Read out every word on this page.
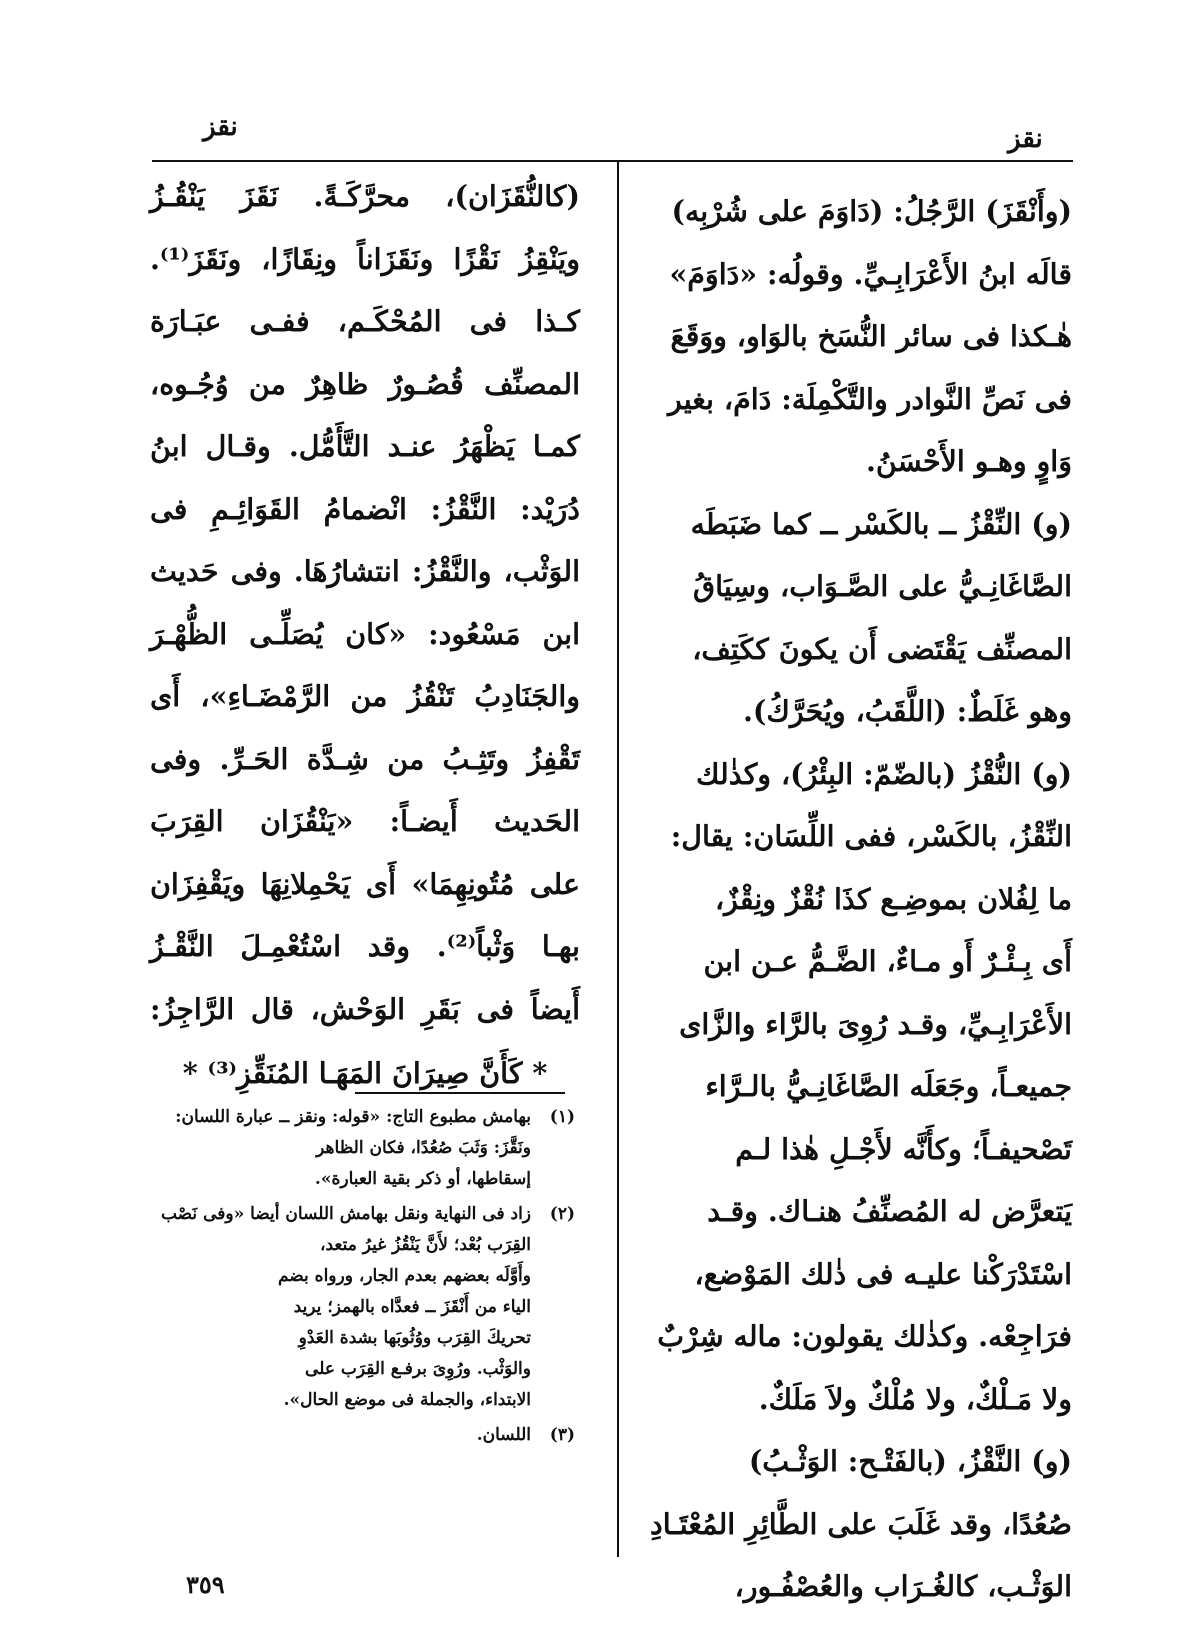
نقز	نقز

(وأَنْقَزَ) الرَّجُلُ: (دَاوَمَ على شُرْبِه)

قالَه ابنُ الأَعْرَابِـيِّ. وقولُه: «دَاوَمَ»

هٰـكذا فى سائر النُّسَخ بالوَاو، ووَقَعَ

فى نَصِّ النَّوادر والتَّكْمِلَة: دَامَ، بغير

وَاوٍ وهـو الأَحْسَنُ.

(و) النِّقْزُ ــ بالكَسْر ــ كما ضَبَطَه

الصَّاغَانِـيُّ على الصَّـوَاب، وسِيَاقُ

المصنِّف يَقْتَضى أَن يكونَ ككَتِف،

وهو غَلَطٌ: (اللَّقَبُ، ويُحَرَّكُ).

(و) النُّقْزُ (بالضّمّ: البِئْرُ)، وكذٰلك

النِّقْزُ، بالكَسْر، ففى اللِّسَان: يقال:

ما لِفُلان بموضِـع كذَا نُقْزٌ ونِقْزٌ،

أَى بِـئْـرٌ أَو مـاءٌ، الضَّـمُّ عـن ابن

الأَعْرَابِـيِّ، وقـد رُوِىَ بالرَّاء والزَّاى

جميعـاً، وجَعَلَه الصَّاغَانِـيُّ بالـرَّاء

تَصْحيفـاً؛ وكأَنَّه لأَجْـلِ هٰذا لـم

يَتعرَّض له المُصنِّفُ هنـاك. وقـد

اسْتَدْرَكْنا عليـه فى ذٰلك المَوْضع،

فرَاجِعْه. وكذٰلك يقولون: ماله شِرْبٌ

ولا مَـلْكٌ، ولا مُلْكٌ ولاَ مَلَكٌ.

(و) النَّقْزُ، (بالفَتْـح: الوَثْـبُ)

صُعُدًا، وقد غَلَبَ على الطَّائِرِ المُعْتَـادِ

الوَثْـب، كالغُـرَاب والعُصْفُـور،

(كالنُّقَزَان)، محرَّكَـةً. نَقَزَ يَنْقُـزُ

ويَنْقِزُ نَقْزًا ونَقَزَاناً ونِقَازًا، ونَقَزَ⁽¹⁾.

كـذا فى المُحْكَـم، ففـى عبَـارَة

المصنِّف قُصُـورٌ ظاهِرٌ من وُجُـوه،

كمـا يَظْهَرُ عنـد التَّأَمُّل. وقـال ابنُ

دُرَيْد: النَّقْزُ: انْضمامُ القَوَائِـمِ فى

الوَثْب، والنَّقْزُ: انتشارُهَا. وفى حَديث

ابن مَسْعُود: «كان يُصَلِّـى الظُّهْـرَ

والجَنَادِبُ تَنْقُزُ من الرَّمْضَـاءِ»، أَى

تَقْفِزُ وتَثِـبُ من شِـدَّة الحَـرِّ. وفى

الحَديث أَيضـاً: «يَنْقُزَان القِرَبَ

على مُتُونِهِمَا» أَى يَحْمِلانِهَا ويَقْفِزَان

بهـا وَثْباً⁽²⁾. وقد اسْتُعْمِـلَ النَّقْـزُ

أَيضاً فى بَقَرِ الوَحْش، قال الرَّاجِزُ:

* كَأَنَّ صِيرَانَ المَهَـا المُنَقِّزِ⁽³⁾ *

(١)
بهامش مطبوع التاج: «قوله: ونقز ــ عبارة اللسان:
ونَقَّزَ: وَثَبَ صُعُدًا، فكان الظاهر
إسقاطها، أو ذكر بقية العبارة».
(٢)
زاد فى النهاية ونقل بهامش اللسان أيضا «وفى نَصْب
القِرَب بُعْد؛ لأَنَّ يَنْقُزُ غيرُ متعد،
وأَوَّلَه بعضهم بعدم الجار، ورواه بضم
الياء من أَنْقَزَ ــ فعدَّاه بالهمز؛ يريد
تحريكَ القِرَب ووُثُوبَها بشدة العَدْوِ
والوَثْب. ورُوِىَ برفـع القِرَب على
الابتداء، والجملة فى موضع الحال».
(٣)
اللسان.
٣٥٩
